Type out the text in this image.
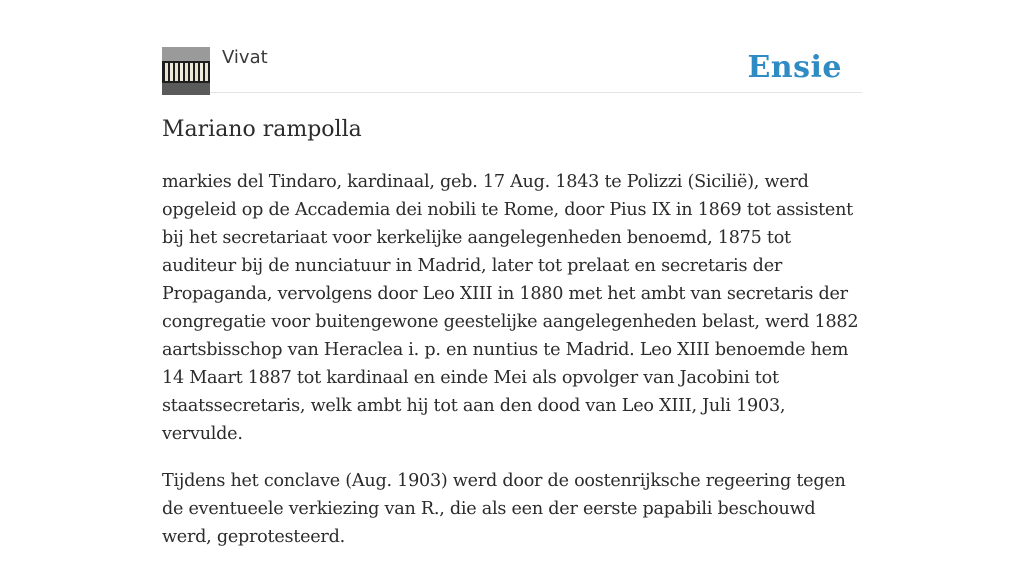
Vivat	Ensie
Mariano rampolla

markies del Tindaro, kardinaal, geb. 17 Aug. 1843 te Polizzi (Sicilië), werd opgeleid op de Accademia dei nobili te Rome, door Pius IX in 1869 tot assistent bij het secretariaat voor kerkelijke aangelegenheden benoemd, 1875 tot auditeur bij de nunciatuur in Madrid, later tot prelaat en secretaris der Propaganda, vervolgens door Leo XIII in 1880 met het ambt van secretaris der congregatie voor buitengewone geestelijke aangelegenheden belast, werd 1882 aartsbisschop van Heraclea i. p. en nuntius te Madrid. Leo XIII benoemde hem 14 Maart 1887 tot kardinaal en einde Mei als opvolger van Jacobini tot staatssecretaris, welk ambt hij tot aan den dood van Leo XIII, Juli 1903, vervulde.

Tijdens het conclave (Aug. 1903) werd door de oostenrijksche regeering tegen de eventueele verkiezing van R., die als een der eerste papabili beschouwd werd, geprotesteerd.
